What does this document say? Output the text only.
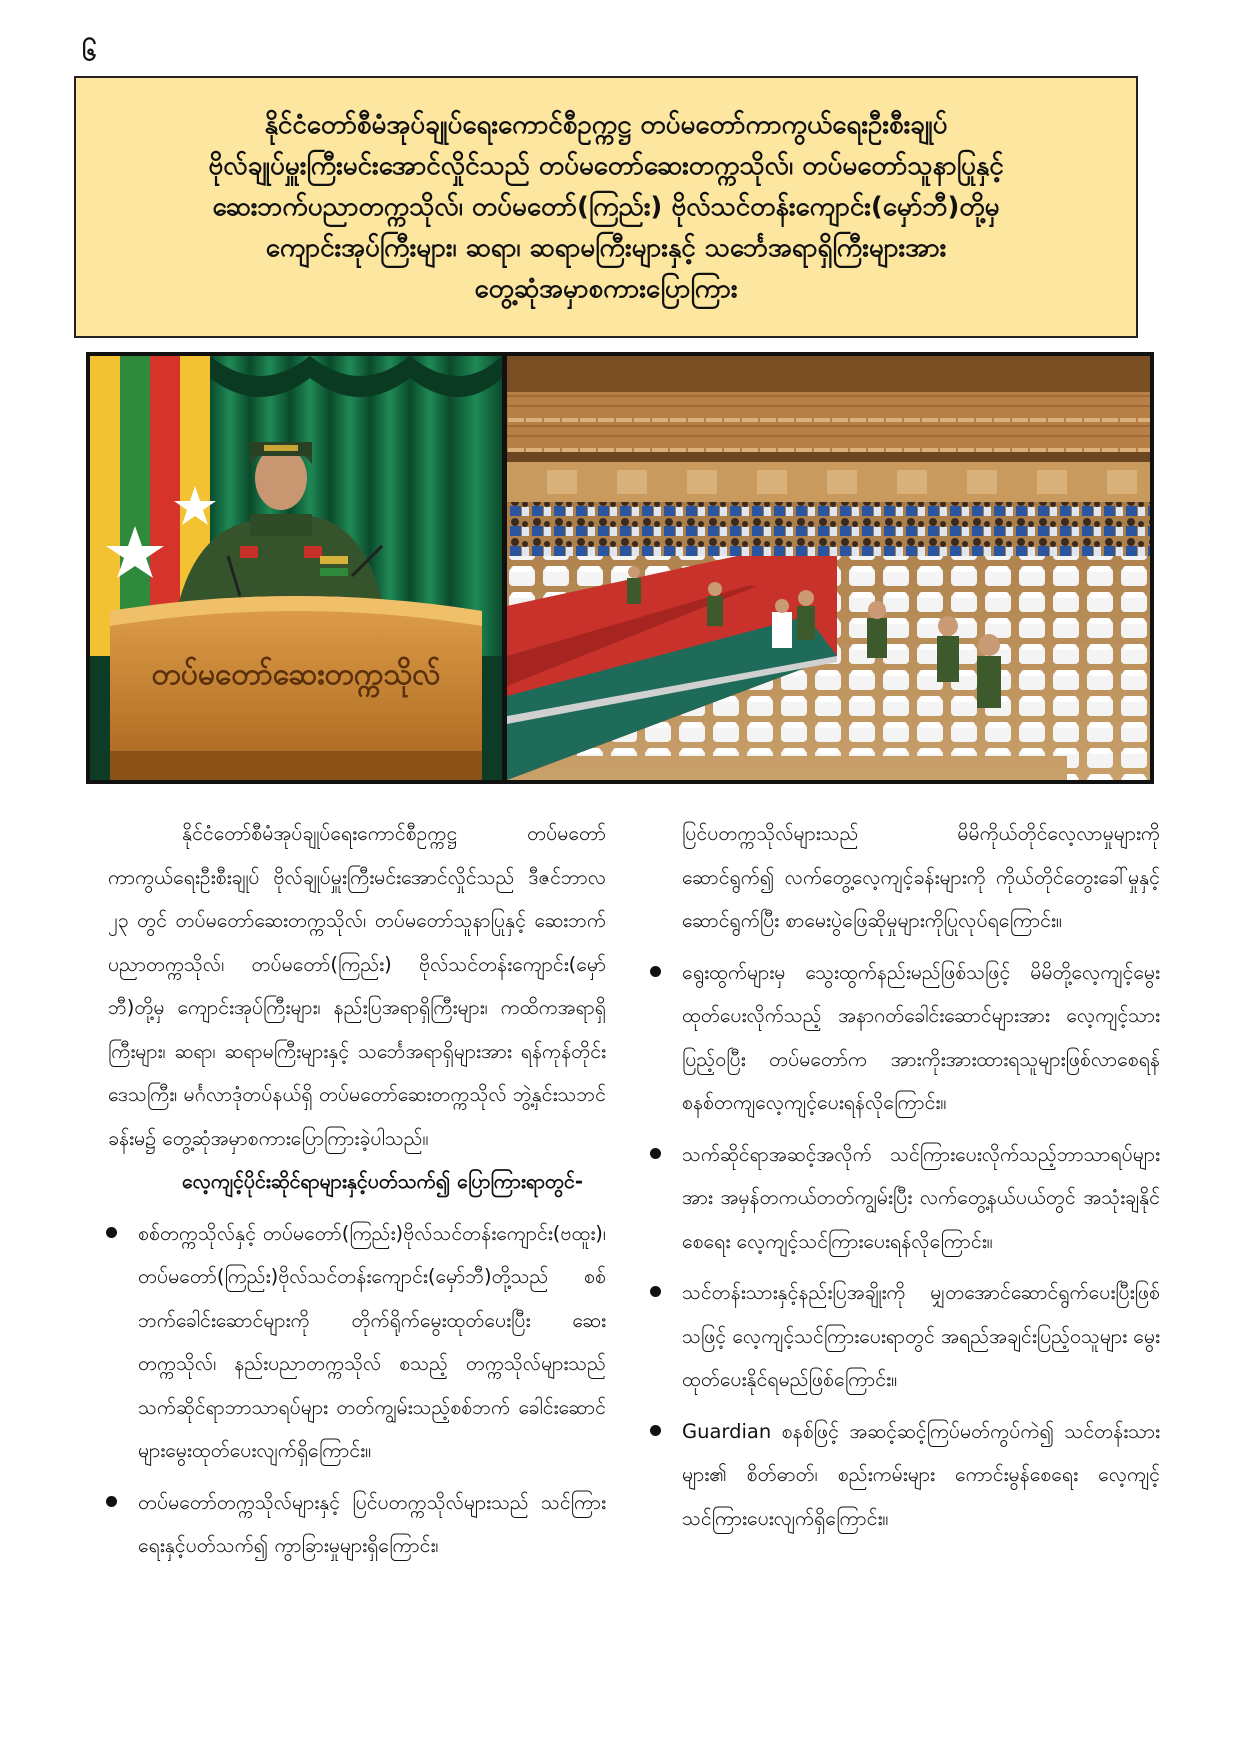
၆
နိုင်ငံတော်စီမံအုပ်ချုပ်ရေးကောင်စီဥက္ကဋ္ဌ တပ်မတော်ကာကွယ်ရေးဦးစီးချုပ်
ဗိုလ်ချုပ်မှူးကြီးမင်းအောင်လှိုင်သည် တပ်မတော်ဆေးတက္ကသိုလ်၊ တပ်မတော်သူနာပြုနှင့်
ဆေးဘက်ပညာတက္ကသိုလ်၊ တပ်မတော်(ကြည်း) ဗိုလ်သင်တန်းကျောင်း(မှော်ဘီ)တို့မှ
ကျောင်းအုပ်ကြီးများ၊ ဆရာ၊ ဆရာမကြီးများနှင့် သင်္ဘေအရာရှိကြီးများအား
တွေ့ဆုံအမှာစကားပြောကြား
တပ်မတော်ဆေးတက္ကသိုလ်

နိုင်ငံတော်စီမံအုပ်ချုပ်ရေးကောင်စီဥက္ကဋ္ဌ တပ်မတော်ကာကွယ်ရေးဦးစီးချုပ် ဗိုလ်ချုပ်မှူးကြီးမင်းအောင်လှိုင်သည် ဒီဇင်ဘာလ ၂၃ တွင် တပ်မတော်ဆေးတက္ကသိုလ်၊ တပ်မတော်သူနာပြုနှင့် ဆေးဘက်ပညာတက္ကသိုလ်၊ တပ်မတော်(ကြည်း) ဗိုလ်သင်တန်းကျောင်း(မှော်ဘီ)တို့မှ ကျောင်းအုပ်ကြီးများ၊ နည်းပြအရာရှိကြီးများ၊ ကထိကအရာရှိကြီးများ၊ ဆရာ၊ ဆရာမကြီးများနှင့် သင်္ဘေအရာရှိများအား ရန်ကုန်တိုင်းဒေသကြီး၊ မင်္ဂလာဒုံတပ်နယ်ရှိ တပ်မတော်ဆေးတက္ကသိုလ် ဘွဲ့နှင်းသဘင်ခန်းမ၌ တွေ့ဆုံအမှာစကားပြောကြားခဲ့ပါသည်။

လေ့ကျင့်ပိုင်းဆိုင်ရာများနှင့်ပတ်သက်၍ ပြောကြားရာတွင်-

စစ်တက္ကသိုလ်နှင့် တပ်မတော်(ကြည်း)ဗိုလ်သင်တန်းကျောင်း(ဗထူး)၊ တပ်မတော်(ကြည်း)ဗိုလ်သင်တန်းကျောင်း(မှော်ဘီ)တို့သည် စစ်ဘက်ခေါင်းဆောင်များကို တိုက်ရိုက်မွေးထုတ်ပေးပြီး ဆေးတက္ကသိုလ်၊ နည်းပညာတက္ကသိုလ် စသည့် တက္ကသိုလ်များသည် သက်ဆိုင်ရာဘာသာရပ်များ တတ်ကျွမ်းသည့်စစ်ဘက် ခေါင်းဆောင်များမွေးထုတ်ပေးလျက်ရှိကြောင်း။
တပ်မတော်တက္ကသိုလ်များနှင့် ပြင်ပတက္ကသိုလ်များသည် သင်ကြားရေးနှင့်ပတ်သက်၍ ကွာခြားမှုများရှိကြောင်း၊

ပြင်ပတက္ကသိုလ်များသည် မိမိကိုယ်တိုင်လေ့လာမှုများကို ဆောင်ရွက်၍ လက်တွေ့လေ့ကျင့်ခန်းများကို ကိုယ်တိုင်တွေးခေါ်မှုနှင့်ဆောင်ရွက်ပြီး စာမေးပွဲဖြေဆိုမှုများကိုပြုလုပ်ရကြောင်း။

ရွေးထွက်များမှ သွေးထွက်နည်းမည်ဖြစ်သဖြင့် မိမိတို့လေ့ကျင့်မွေးထုတ်ပေးလိုက်သည့် အနာဂတ်ခေါင်းဆောင်များအား လေ့ကျင့်သားပြည့်ဝပြီး တပ်မတော်က အားကိုးအားထားရသူများဖြစ်လာစေရန် စနစ်တကျလေ့ကျင့်ပေးရန်လိုကြောင်း။
သက်ဆိုင်ရာအဆင့်အလိုက် သင်ကြားပေးလိုက်သည့်ဘာသာရပ်များအား အမှန်တကယ်တတ်ကျွမ်းပြီး လက်တွေ့နယ်ပယ်တွင် အသုံးချနိုင်စေရေး လေ့ကျင့်သင်ကြားပေးရန်လိုကြောင်း။
သင်တန်းသားနှင့်နည်းပြအချိုးကို မျှတအောင်ဆောင်ရွက်ပေးပြီးဖြစ်သဖြင့် လေ့ကျင့်သင်ကြားပေးရာတွင် အရည်အချင်းပြည့်ဝသူများ မွေးထုတ်ပေးနိုင်ရမည်ဖြစ်ကြောင်း။
Guardian စနစ်ဖြင့် အဆင့်ဆင့်ကြပ်မတ်ကွပ်ကဲ၍ သင်တန်းသားများ၏ စိတ်ဓာတ်၊ စည်းကမ်းများ ကောင်းမွန်စေရေး လေ့ကျင့်သင်ကြားပေးလျက်ရှိကြောင်း။
